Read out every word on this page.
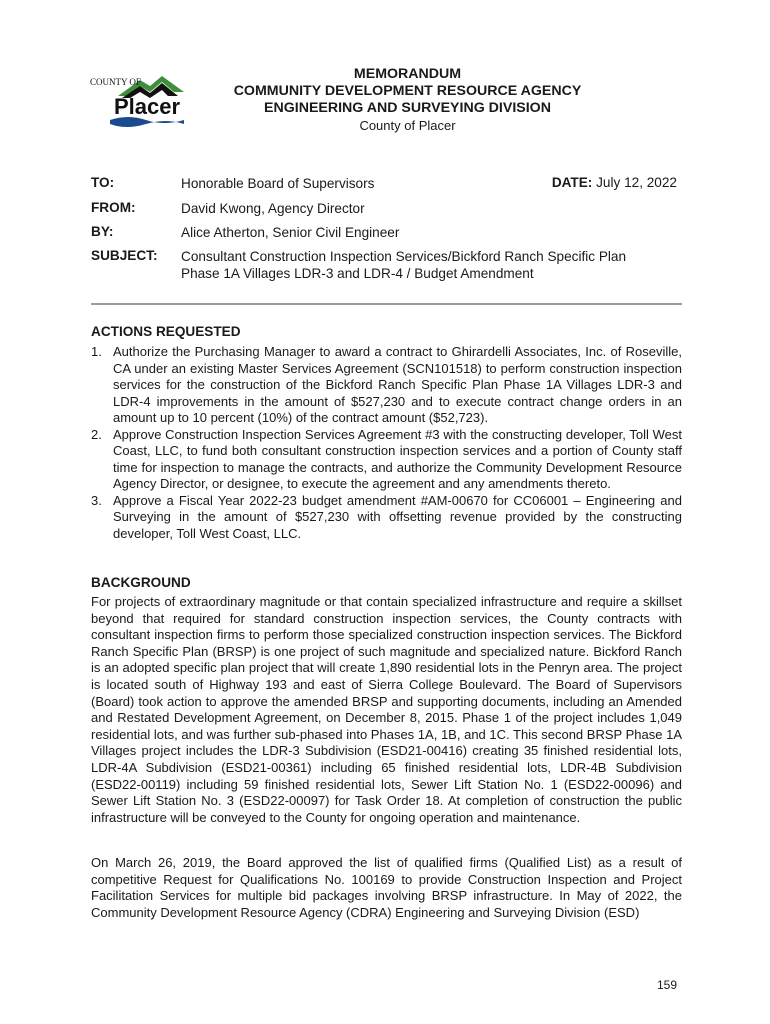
COUNTY OF
Placer
MEMORANDUM
COMMUNITY DEVELOPMENT RESOURCE AGENCY
ENGINEERING AND SURVEYING DIVISION
County of Placer
TO:	Honorable Board of Supervisors	DATE: July 12, 2022
FROM:	David Kwong, Agency Director
BY:	Alice Atherton, Senior Civil Engineer
SUBJECT: Consultant Construction Inspection Services/Bickford Ranch Specific Plan
Phase 1A Villages LDR-3 and LDR-4 / Budget Amendment
ACTIONS REQUESTED
1. Authorize the Purchasing Manager to award a contract to Ghirardelli Associates, Inc. of Roseville, CA under an existing Master Services Agreement (SCN101518) to perform construction inspection services for the construction of the Bickford Ranch Specific Plan Phase 1A Villages LDR-3 and LDR-4 improvements in the amount of $527,230 and to execute contract change orders in an amount up to 10 percent (10%) of the contract amount ($52,723).
2. Approve Construction Inspection Services Agreement #3 with the constructing developer, Toll West Coast, LLC, to fund both consultant construction inspection services and a portion of County staff time for inspection to manage the contracts, and authorize the Community Development Resource Agency Director, or designee, to execute the agreement and any amendments thereto.
3. Approve a Fiscal Year 2022-23 budget amendment #AM-00670 for CC06001 – Engineering and Surveying in the amount of $527,230 with offsetting revenue provided by the constructing developer, Toll West Coast, LLC.
BACKGROUND
For projects of extraordinary magnitude or that contain specialized infrastructure and require a skillset beyond that required for standard construction inspection services, the County contracts with consultant inspection firms to perform those specialized construction inspection services. The Bickford Ranch Specific Plan (BRSP) is one project of such magnitude and specialized nature. Bickford Ranch is an adopted specific plan project that will create 1,890 residential lots in the Penryn area. The project is located south of Highway 193 and east of Sierra College Boulevard. The Board of Supervisors (Board) took action to approve the amended BRSP and supporting documents, including an Amended and Restated Development Agreement, on December 8, 2015. Phase 1 of the project includes 1,049 residential lots, and was further sub-phased into Phases 1A, 1B, and 1C. This second BRSP Phase 1A Villages project includes the LDR-3 Subdivision (ESD21-00416) creating 35 finished residential lots, LDR-4A Subdivision (ESD21-00361) including 65 finished residential lots, LDR-4B Subdivision (ESD22-00119) including 59 finished residential lots, Sewer Lift Station No. 1 (ESD22-00096) and Sewer Lift Station No. 3 (ESD22-00097) for Task Order 18. At completion of construction the public infrastructure will be conveyed to the County for ongoing operation and maintenance.
On March 26, 2019, the Board approved the list of qualified firms (Qualified List) as a result of competitive Request for Qualifications No. 100169 to provide Construction Inspection and Project Facilitation Services for multiple bid packages involving BRSP infrastructure. In May of 2022, the Community Development Resource Agency (CDRA) Engineering and Surveying Division (ESD)
159
